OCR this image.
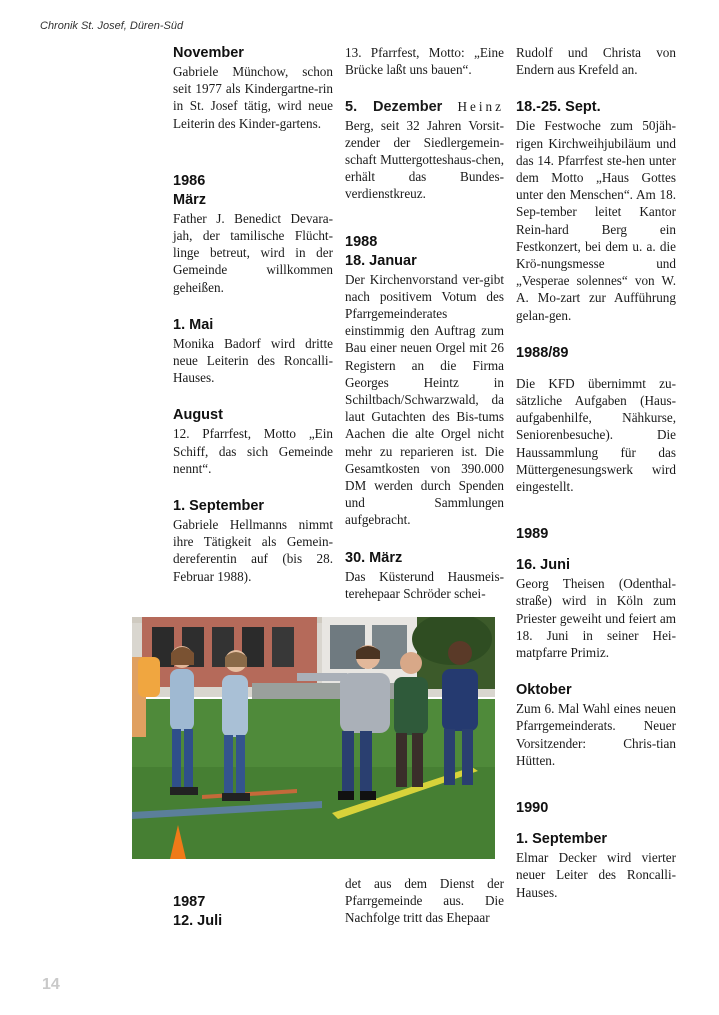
Chronik St. Josef, Düren-Süd
November

Gabriele Münchow, schon seit 1977 als Kindergartne-rin in St. Josef tätig, wird neue Leiterin des Kinder-gartens.

1986
März

Father J. Benedict Devara-jah, der tamilische Flücht-linge betreut, wird in der Gemeinde willkommen geheißen.

1. Mai

Monika Badorf wird dritte neue Leiterin des Roncalli-Hauses.

August

12. Pfarrfest, Motto „Ein Schiff, das sich Gemeinde nennt“.

1. September

Gabriele Hellmanns nimmt ihre Tätigkeit als Gemein-dereferentin auf (bis 28. Februar 1988).

1987
12. Juli

13. Pfarrfest, Motto: „Eine Brücke laßt uns bauen“.

5. Dezember Heinz Berg, seit 32 Jahren Vorsit-zender der Siedlergemein-schaft Muttergotteshaus-chen, erhält das Bundes-verdienstkreuz.

1988
18. Januar

Der Kirchenvorstand ver-gibt nach positivem Votum des Pfarrgemeinderates einstimmig den Auftrag zum Bau einer neuen Orgel mit 26 Registern an die Firma Georges Heintz in Schiltbach/Schwarzwald, da laut Gutachten des Bis-tums Aachen die alte Orgel nicht mehr zu reparieren ist. Die Gesamtkosten von 390.000 DM werden durch Spenden und Sammlungen aufgebracht.

30. März

Das Küsterund Hausmeis-terehepaar Schröder schei-

det aus dem Dienst der Pfarrgemeinde aus. Die Nachfolge tritt das Ehepaar

Rudolf und Christa von Endern aus Krefeld an.

18.-25. Sept.

Die Festwoche zum 50jäh-rigen Kirchweihjubiläum und das 14. Pfarrfest ste-hen unter dem Motto „Haus Gottes unter den Menschen“. Am 18. Sep-tember leitet Kantor Rein-hard Berg ein Festkonzert, bei dem u. a. die Krö-nungsmesse und „Vesperae solennes“ von W. A. Mo-zart zur Aufführung gelan-gen.

1988/89

Die KFD übernimmt zu-sätzliche Aufgaben (Haus-aufgabenhilfe, Nähkurse, Seniorenbesuche). Die Haussammlung für das Müttergenesungswerk wird eingestellt.

1989
16. Juni

Georg Theisen (Odenthal-straße) wird in Köln zum Priester geweiht und feiert am 18. Juni in seiner Hei-matpfarre Primiz.

Oktober

Zum 6. Mal Wahl eines neuen Pfarrgemeinderats. Neuer Vorsitzender: Chris-tian Hütten.

1990
1. September

Elmar Decker wird vierter neuer Leiter des Roncalli-Hauses.

14
